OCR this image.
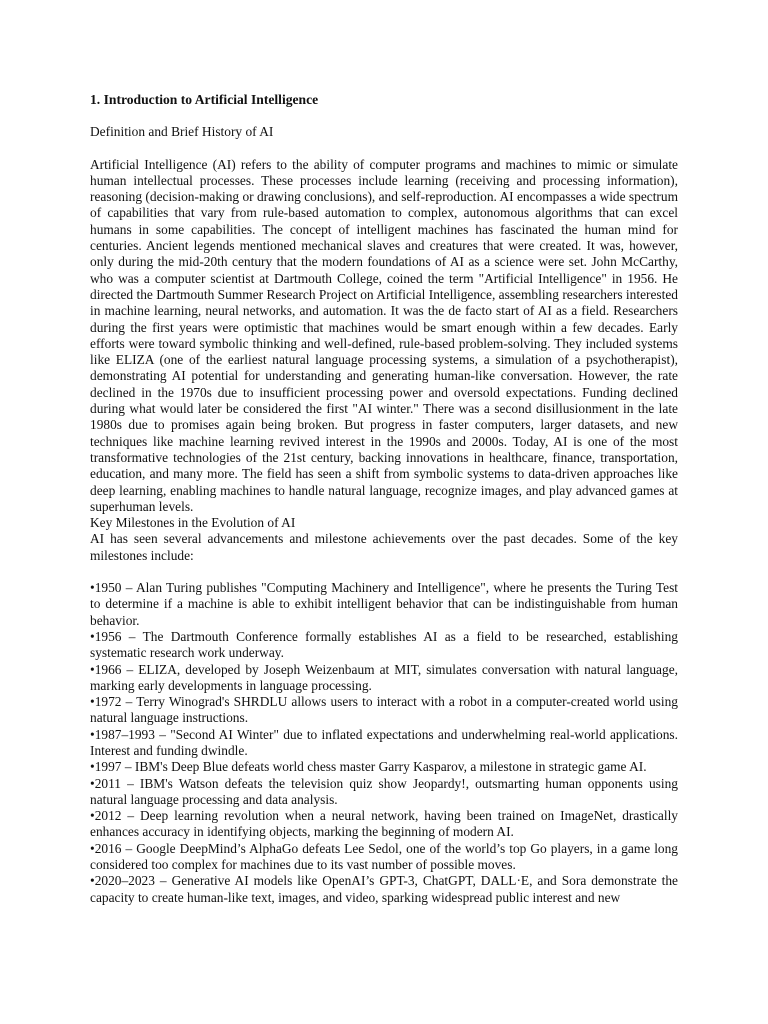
1. Introduction to Artificial Intelligence
Definition and Brief History of AI

Artificial Intelligence (AI) refers to the ability of computer programs and machines to mimic or simulate human intellectual processes. These processes include learning (receiving and processing information), reasoning (decision-making or drawing conclusions), and self-reproduction. AI encompasses a wide spectrum of capabilities that vary from rule-based automation to complex, autonomous algorithms that can excel humans in some capabilities. The concept of intelligent machines has fascinated the human mind for centuries. Ancient legends mentioned mechanical slaves and creatures that were created. It was, however, only during the mid-20th century that the modern foundations of AI as a science were set. John McCarthy, who was a computer scientist at Dartmouth College, coined the term "Artificial Intelligence" in 1956. He directed the Dartmouth Summer Research Project on Artificial Intelligence, assembling researchers interested in machine learning, neural networks, and automation. It was the de facto start of AI as a field. Researchers during the first years were optimistic that machines would be smart enough within a few decades. Early efforts were toward symbolic thinking and well-defined, rule-based problem-solving. They included systems like ELIZA (one of the earliest natural language processing systems, a simulation of a psychotherapist), demonstrating AI potential for understanding and generating human-like conversation. However, the rate declined in the 1970s due to insufficient processing power and oversold expectations. Funding declined during what would later be considered the first "AI winter." There was a second disillusionment in the late 1980s due to promises again being broken. But progress in faster computers, larger datasets, and new techniques like machine learning revived interest in the 1990s and 2000s. Today, AI is one of the most transformative technologies of the 21st century, backing innovations in healthcare, finance, transportation, education, and many more. The field has seen a shift from symbolic systems to data-driven approaches like deep learning, enabling machines to handle natural language, recognize images, and play advanced games at superhuman levels.

Key Milestones in the Evolution of AI

AI has seen several advancements and milestone achievements over the past decades. Some of the key milestones include:

•1950 – Alan Turing publishes "Computing Machinery and Intelligence", where he presents the Turing Test to determine if a machine is able to exhibit intelligent behavior that can be indistinguishable from human behavior.
•1956 – The Dartmouth Conference formally establishes AI as a field to be researched, establishing systematic research work underway.
•1966 – ELIZA, developed by Joseph Weizenbaum at MIT, simulates conversation with natural language, marking early developments in language processing.
•1972 – Terry Winograd's SHRDLU allows users to interact with a robot in a computer-created world using natural language instructions.
•1987–1993 – "Second AI Winter" due to inflated expectations and underwhelming real-world applications. Interest and funding dwindle.
•1997 – IBM's Deep Blue defeats world chess master Garry Kasparov, a milestone in strategic game AI.
•2011 – IBM's Watson defeats the television quiz show Jeopardy!, outsmarting human opponents using natural language processing and data analysis.
•2012 – Deep learning revolution when a neural network, having been trained on ImageNet, drastically enhances accuracy in identifying objects, marking the beginning of modern AI.
•2016 – Google DeepMind’s AlphaGo defeats Lee Sedol, one of the world’s top Go players, in a game long considered too complex for machines due to its vast number of possible moves.
•2020–2023 – Generative AI models like OpenAI’s GPT-3, ChatGPT, DALL·E, and Sora demonstrate the capacity to create human-like text, images, and video, sparking widespread public interest and new
